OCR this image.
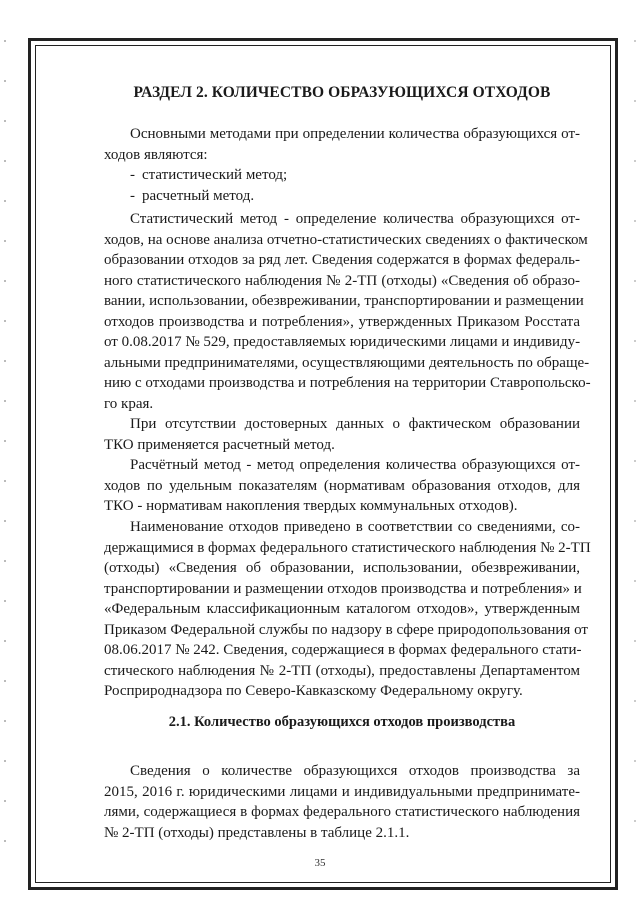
РАЗДЕЛ 2. КОЛИЧЕСТВО ОБРАЗУЮЩИХСЯ ОТХОДОВ
Основными методами при определении количества образующихся от-
ходов являются:
- статистический метод;
- расчетный метод.
Статистический метод - определение количества образующихся от-
ходов, на основе анализа отчетно-статистических сведениях о фактическом
образовании отходов за ряд лет. Сведения содержатся в формах федераль-
ного статистического наблюдения № 2-ТП (отходы) «Сведения об образо-
вании, использовании, обезвреживании, транспортировании и размещении
отходов производства и потребления», утвержденных Приказом Росстата
от 0.08.2017 № 529, предоставляемых юридическими лицами и индивиду-
альными предпринимателями, осуществляющими деятельность по обраще-
нию с отходами производства и потребления на территории Ставропольско-
го края.
При отсутствии достоверных данных о фактическом образовании
ТКО применяется расчетный метод.
Расчётный метод - метод определения количества образующихся от-
ходов по удельным показателям (нормативам образования отходов, для
ТКО - нормативам накопления твердых коммунальных отходов).
Наименование отходов приведено в соответствии со сведениями, со-
держащимися в формах федерального статистического наблюдения № 2-ТП
(отходы) «Сведения об образовании, использовании, обезвреживании,
транспортировании и размещении отходов производства и потребления» и
«Федеральным классификационным каталогом отходов», утвержденным
Приказом Федеральной службы по надзору в сфере природопользования от
08.06.2017 № 242. Сведения, содержащиеся в формах федерального стати-
стического наблюдения № 2-ТП (отходы), предоставлены Департаментом
Росприроднадзора по Северо-Кавказскому Федеральному округу.
2.1. Количество образующихся отходов производства
Сведения о количестве образующихся отходов производства за
2015, 2016 г. юридическими лицами и индивидуальными предпринимате-
лями, содержащиеся в формах федерального статистического наблюдения
№ 2-ТП (отходы) представлены в таблице 2.1.1.
35
